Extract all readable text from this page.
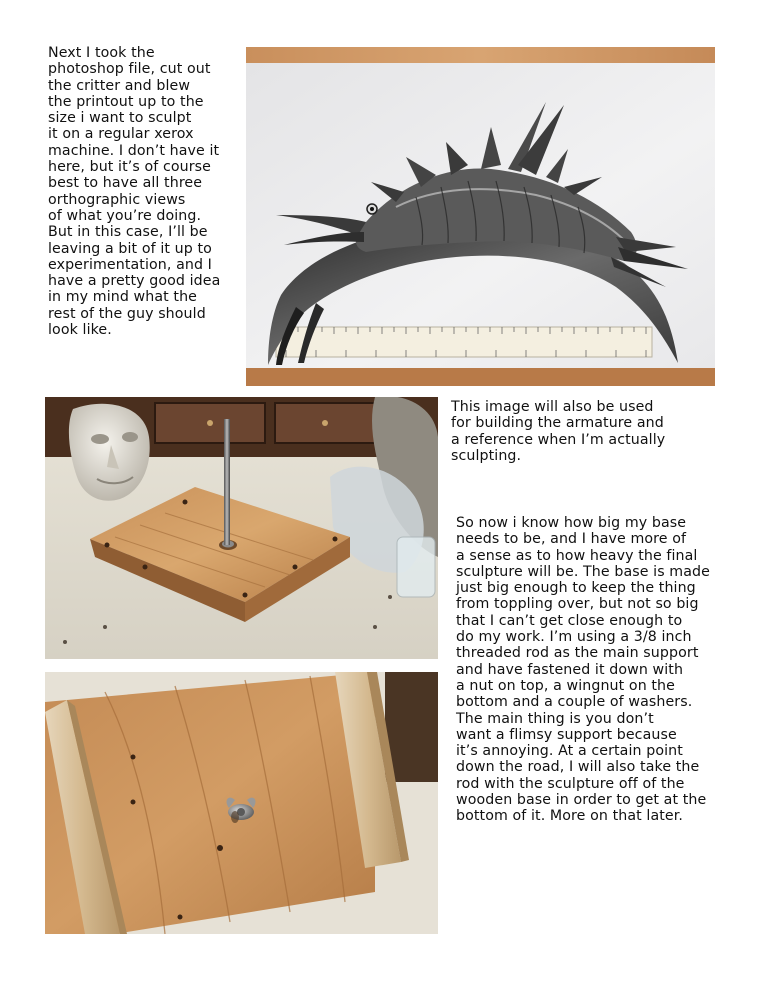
Next I took the
photoshop file, cut out
the critter and blew
the printout up to the
size i want to sculpt
it on a regular xerox
machine. I don’t have it
here, but it’s of course
best to have all three
orthographic views
of what you’re doing.
But in this case, I’ll be
leaving a bit of it up to
experimentation, and I
have a pretty good idea
in my mind what the
rest of the guy should
look like.

This image will also be used
for building the armature and
a reference when I’m actually
sculpting.

So now i know how big my base
needs to be, and I have more of
a sense as to how heavy the final
sculpture will be. The base is made
just big enough to keep the thing
from toppling over, but not so big
that I can’t get close enough to
do my work. I’m using a 3/8 inch
threaded rod as the main support
and have fastened it down with
a nut on top, a wingnut on the
bottom and a couple of washers.
The main thing is you don’t
want a flimsy support because
it’s annoying. At a certain point
down the road, I will also take the
rod with the sculpture off of the
wooden base in order to get at the
bottom of it. More on that later.
